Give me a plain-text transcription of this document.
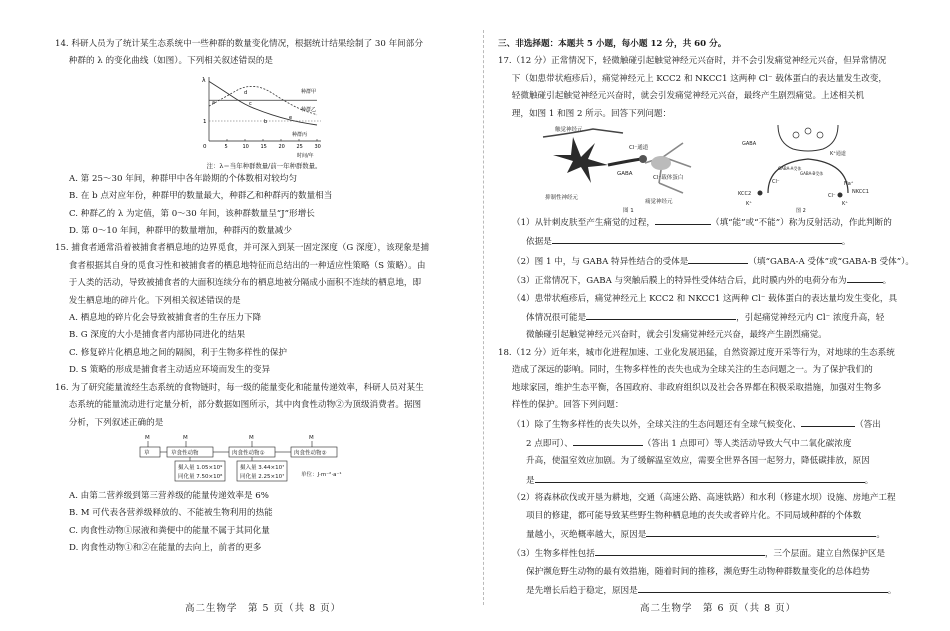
14. 科研人员为了统计某生态系统中一些种群的数量变化情况，根据统计结果绘制了 30 年间部分

种群的 λ 的变化曲线（如图）。下列相关叙述错误的是

λ
0
1
5	10 15 20 25 30
时间/年
a
b
c
d
e
种群甲
种群乙
种群丙

注：λ＝当年种群数量/前一年种群数量。

A. 第 25～30 年间，种群甲中各年龄期的个体数相对较均匀

B. 在 b 点对应年份，种群甲的数量最大，种群乙和种群丙的数量相当

C. 种群乙的 λ 为定值，第 0～30 年间，该种群数量呈“J”形增长

D. 第 0～10 年间，种群甲的数量增加，种群丙的数量减少

15. 捕食者通常沿着被捕食者栖息地的边界觅食，并可深入到某一固定深度（G 深度），该现象是捕

食者根据其自身的觅食习性和被捕食者的栖息地特征而总结出的一种适应性策略（S 策略）。由

于人类的活动，导致被捕食者的大面积连续分布的栖息地被分隔成小面积不连续的栖息地，即

发生栖息地的碎片化。下列相关叙述错误的是

A. 栖息地的碎片化会导致被捕食者的生存压力下降

B. G 深度的大小是捕食者内部协同进化的结果

C. 修复碎片化栖息地之间的隔阂，利于生物多样性的保护

D. S 策略的形成是捕食者主动适应环境而发生的变异

16. 为了研究能量流经生态系统的食物链时，每一级的能量变化和能量传递效率，科研人员对某生

态系统的能量流动进行定量分析，部分数据如图所示，其中肉食性动物②为顶级消费者。据图

分析，下列叙述正确的是

M	M	M	M
草	草食性动物	肉食性动物①	肉食性动物②
摄入量 1.05×10⁹
同化量 7.50×10⁸
摄入量 3.44×10⁷
同化量 2.25×10⁷	单位：J·m⁻²·a⁻¹

A. 由第二营养级到第三营养级的能量传递效率是 6%

B. M 可代表各营养级释放的、不能被生物利用的热能

C. 肉食性动物①尿液和粪便中的能量不属于其同化量

D. 肉食性动物①和②在能量的去向上，前者的更多

高二生物学　第 5 页（共 8 页）

三、非选择题：本题共 5 小题，每小题 12 分，共 60 分。

17.（12 分）正常情况下，轻微触碰引起触觉神经元兴奋时，并不会引发痛觉神经元兴奋，但异常情况

下（如患带状疱疹后），痛觉神经元上 KCC2 和 NKCC1 这两种 Cl⁻ 载体蛋白的表达量发生改变，

轻微触碰引起触觉神经元兴奋时，就会引发痛觉神经元兴奋，最终产生剧烈痛觉。上述相关机

理，如图 1 和图 2 所示。回答下列问题：

触觉神经元
Cl⁻通道
GABA
Cl⁻载体蛋白
抑制性神经元
痛觉神经元
图 1
GABA
K⁺通道
GABA-A受体
GABA-B受体
KCC2	NKCC1
Cl⁻
Cl⁻
K⁺	K⁺
Na⁺
图 2

（1）从针刺皮肤至产生痛觉的过程，	（填“能”或“不能”）称为反射活动，作此判断的

依据是	。

（2）图 1 中，与 GABA 特异性结合的受体是	（填“GABA-A 受体”或“GABA-B 受体”）。

（3）正常情况下，GABA 与突触后膜上的特异性受体结合后，此时膜内外的电荷分布为	。

（4）患带状疱疹后，痛觉神经元上 KCC2 和 NKCC1 这两种 Cl⁻ 载体蛋白的表达量均发生变化，具

体情况很可能是	，引起痛觉神经元内 Cl⁻ 浓度升高，轻

微触碰引起触觉神经元兴奋时，就会引发痛觉神经元兴奋，最终产生剧烈痛觉。

18.（12 分）近年来，城市化进程加速、工业化发展迅猛，自然资源过度开采等行为，对地球的生态系统

造成了深远的影响。同时，生物多样性的丧失也成为全球关注的生态问题之一。为了保护我们的

地球家园，维护生态平衡，各国政府、非政府组织以及社会各界都在积极采取措施，加强对生物多

样性的保护。回答下列问题：

（1）除了生物多样性的丧失以外，全球关注的生态问题还有全球气候变化、	（答出

2 点即可）、	（答出 1 点即可）等人类活动导致大气中二氧化碳浓度

升高，使温室效应加剧。为了缓解温室效应，需要全世界各国一起努力，降低碳排放，原因

是	。

（2）将森林砍伐或开垦为耕地，交通（高速公路、高速铁路）和水利（修建水坝）设施、房地产工程

项目的修建，都可能导致某些野生物种栖息地的丧失或者碎片化。不同局域种群的个体数

量越小，灭绝概率越大，原因是	。

（3）生物多样性包括	，三个层面。建立自然保护区是

保护濒危野生动物的最有效措施，随着时间的推移，濒危野生动物种群数量变化的总体趋势

是先增长后趋于稳定，原因是	。

高二生物学　第 6 页（共 8 页）
